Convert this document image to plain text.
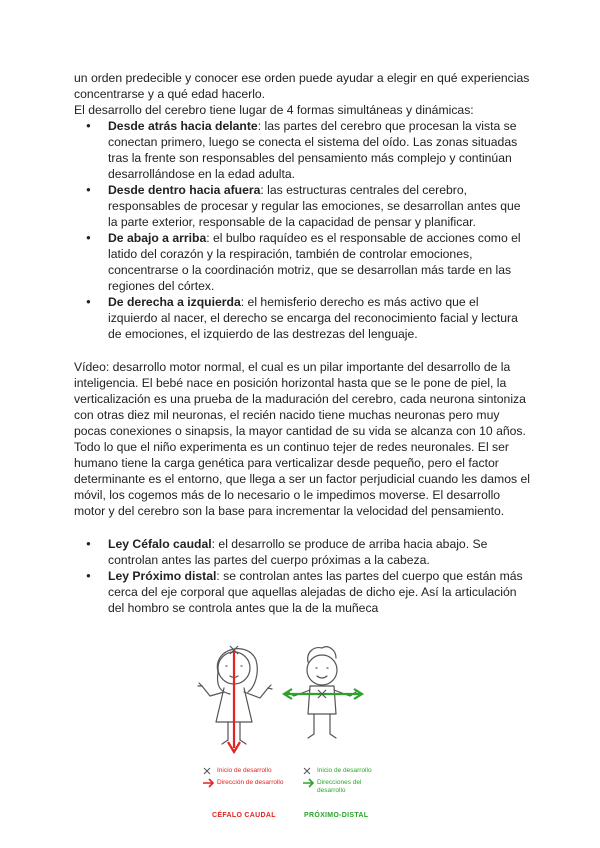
un orden predecible y conocer ese orden puede ayudar a elegir en qué experiencias

concentrarse y a qué edad hacerlo.

El desarrollo del cerebro tiene lugar de 4 formas simultáneas y dinámicas:

● Desde atrás hacia delante: las partes del cerebro que procesan la vista se conectan primero, luego se conecta el sistema del oído. Las zonas situadas tras la frente son responsables del pensamiento más complejo y continúan desarrollándose en la edad adulta.
● Desde dentro hacia afuera: las estructuras centrales del cerebro, responsables de procesar y regular las emociones, se desarrollan antes que la parte exterior, responsable de la capacidad de pensar y planificar.
● De abajo a arriba: el bulbo raquídeo es el responsable de acciones como el latido del corazón y la respiración, también de controlar emociones, concentrarse o la coordinación motriz, que se desarrollan más tarde en las regiones del córtex.
● De derecha a izquierda: el hemisferio derecho es más activo que el izquierdo al nacer, el derecho se encarga del reconocimiento facial y lectura de emociones, el izquierdo de las destrezas del lenguaje.

Vídeo: desarrollo motor normal, el cual es un pilar importante del desarrollo de la inteligencia. El bebé nace en posición horizontal hasta que se le pone de piel, la verticalización es una prueba de la maduración del cerebro, cada neurona sintoniza con otras diez mil neuronas, el recién nacido tiene muchas neuronas pero muy pocas conexiones o sinapsis, la mayor cantidad de su vida se alcanza con 10 años. Todo lo que el niño experimenta es un continuo tejer de redes neuronales. El ser humano tiene la carga genética para verticalizar desde pequeño, pero el factor determinante es el entorno, que llega a ser un factor perjudicial cuando les damos el móvil, los cogemos más de lo necesario o le impedimos moverse. El desarrollo motor y del cerebro son la base para incrementar la velocidad del pensamiento.

● Ley Céfalo caudal: el desarrollo se produce de arriba hacia abajo. Se controlan antes las partes del cuerpo próximas a la cabeza.
● Ley Próximo distal: se controlan antes las partes del cuerpo que están más cerca del eje corporal que aquellas alejadas de dicho eje. Así la articulación del hombro se controla antes que la de la muñeca
Inicio de desarrollo
Dirección de desarrollo
Inicio de desarrollo
Direcciones del desarrollo
CÉFALO CAUDAL	PRÓXIMO-DISTAL
